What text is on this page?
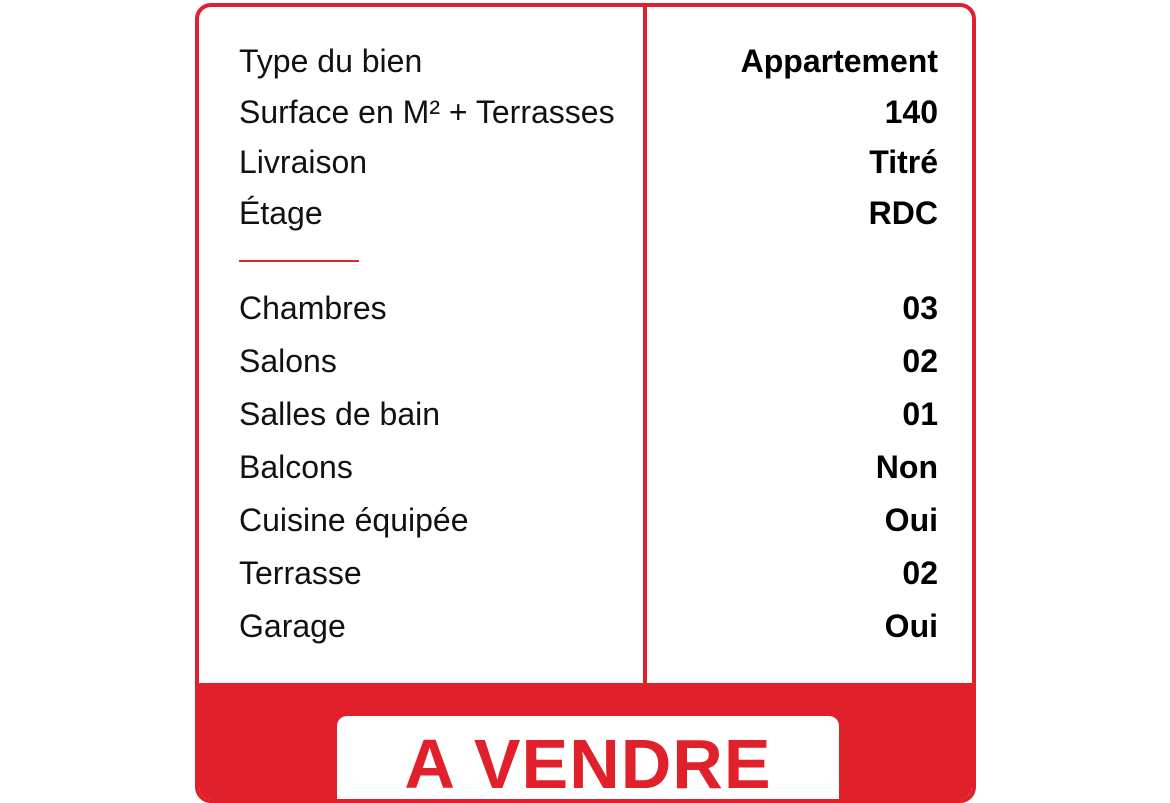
Type du bien
Surface en M² + Terrasses
Livraison
Étage
Chambres
Salons
Salles de bain
Balcons
Cuisine équipée
Terrasse
Garage
Appartement
140
Titré
RDC
03
02
01
Non
Oui
02
Oui
A VENDRE
